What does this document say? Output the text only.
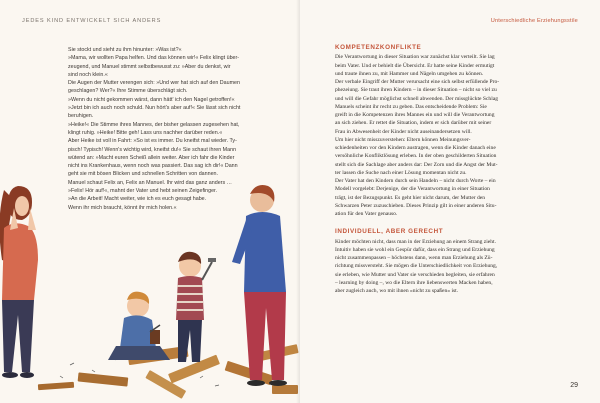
JEDES KIND ENTWICKELT SICH ANDERS

Sie stockt und sieht zu ihm hinunter: »Was ist?«

»Mama, wir wollten Papa helfen. Und das können wir!« Felix klingt über-

zeugend, und Manuel stimmt selbstbewusst zu: »Aber du denkst, wir

sind noch klein.«

Die Augen der Mutter verengen sich: »Und wer hat sich auf den Daumen

geschlagen? Wer?« Ihre Stimme überschlägt sich.

»Wenn du nicht gekommen wärst, dann hätt' ich den Nagel getroffen!«

»Jetzt bin ich auch noch schuld. Nun hört's aber auf!« Sie lässt sich nicht

beruhigen.

»Heike!« Die Stimme ihres Mannes, der bisher gelassen zugesehen hat,

klingt ruhig. »Heike! Bitte geh! Lass uns nachher darüber reden.«

Aber Heike ist voll in Fahrt: »So ist es immer. Du kneifst mal wieder. Ty-

pisch! Typisch! Wenn's wichtig wird, kneifst du!« Sie schaut ihren Mann

wütend an: »Macht euren Scheiß allein weiter. Aber ich fahr die Kinder

nicht ins Krankenhaus, wenn noch was passiert. Das sag ich dir!« Dann

geht sie mit bösen Blicken und schnellen Schritten von dannen.

Manuel schaut Felix an, Felix an Manuel. Ihr wird das ganz anders …

»Felix! Hör auf!«, mahnt der Vater und hebt seinen Zeigefinger.

»An die Arbeit! Macht weiter, wie ich es euch gesagt habe.

Wenn ihr mich braucht, könnt ihr mich holen.«

Unterschiedliche Erziehungsstile
29
KOMPETENZKONFLIKTE

Die Verantwortung in dieser Situation war zunächst klar verteilt. Sie lag

beim Vater. Und er behielt die Übersicht. Er hatte seine Kinder ermutigt

und traute ihnen zu, mit Hammer und Nägeln umgehen zu können.

Der verbale Eingriff der Mutter verursacht eine sich selbst erfüllende Pro-

phezeiung. Sie traut ihren Kindern – in dieser Situation – nicht so viel zu

und will die Gefahr möglichst schnell abwenden. Der missglückte Schlag

Manuels scheint ihr recht zu geben. Das entscheidende Problem: Sie

greift in die Kompetenzen ihres Mannes ein und will die Verantwortung

an sich ziehen. Er rettet die Situation, indem er sich darüber mit seiner

Frau in Abwesenheit der Kinder nicht auseinandersetzen will.

Um hier nicht misszuverstehen: Eltern können Meinungsver-

schiedenheiten vor den Kindern austragen, wenn die Kinder danach eine

versöhnliche Konfliktlösung erleben. In der oben geschilderten Situation

stellt sich die Sachlage aber anders dar: Der Zorn und die Angst der Mut-

ter lassen die Suche nach einer Lösung momentan nicht zu.

Der Vater hat den Kindern durch sein Handeln – nicht durch Worte – ein

Modell vorgelebt: Derjenige, der die Verantwortung in einer Situation

trägt, ist der Bezugspunkt. Es geht hier nicht darum, der Mutter den

Schwarzen Peter zuzuschieben. Dieses Prinzip gilt in einer anderen Situ-

ation für den Vater genauso.

INDIVIDUELL, ABER GERECHT

Kinder möchten nicht, dass man in der Erziehung an einem Strang zieht.

Intuitiv haben sie wohl ein Gespür dafür, dass ein Strang und Erziehung

nicht zusammenpassen – höchstens dann, wenn man Erziehung als Zü-

richtung missversteht. Sie mögen die Unterschiedlichkeit von Erziehung,

sie erleben, wie Mutter und Vater sie verschieden begleiten, sie erfahren

– learning by doing –, wo die Eltern ihre liebenswerten Macken haben,

aber zugleich auch, wo mit ihnen »nicht zu spaßen« ist.
